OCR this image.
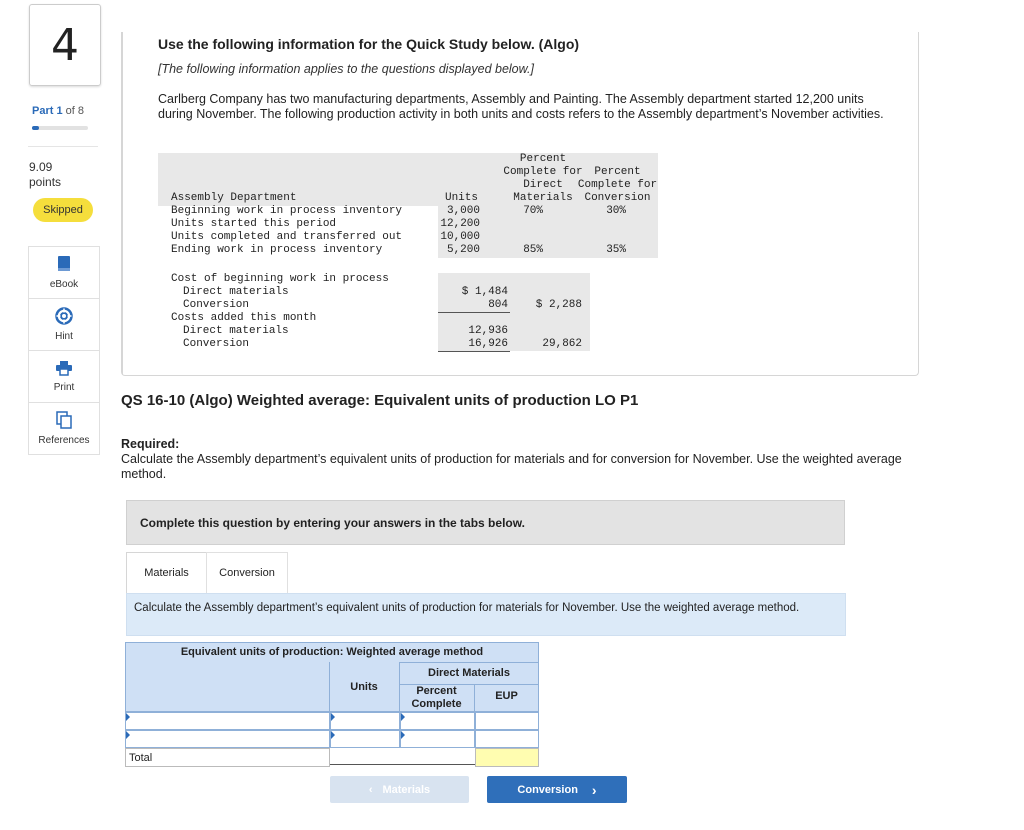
4
Part 1 of 8
9.09
points
Skipped
eBook
Hint
Print
References
Use the following information for the Quick Study below. (Algo)
[The following information applies to the questions displayed below.]
Carlberg Company has two manufacturing departments, Assembly and Painting. The Assembly department started 12,200 units during November. The following production activity in both units and costs refers to the Assembly department’s November activities.
Percent
Complete for
Direct
Materials
Percent
Complete for
Conversion
Units
Assembly Department
Beginning work in process inventory	3,000	70%	30%
Units started this period	12,200
Units completed and transferred out	10,000
Ending work in process inventory	5,200	85%	35%
Cost of beginning work in process
Direct materials	$ 1,484
Conversion	804	$ 2,288
Costs added this month
Direct materials	12,936
Conversion	16,926	29,862
QS 16-10 (Algo) Weighted average: Equivalent units of production LO P1
Required:
Calculate the Assembly department’s equivalent units of production for materials and for conversion for November. Use the weighted average method.
Complete this question by entering your answers in the tabs below.
Materials	Conversion
Calculate the Assembly department’s equivalent units of production for materials for November. Use the weighted average method.
Equivalent units of production: Weighted average method
Direct Materials
Units	Percent Complete
EUP
Total
‹ Materials	Conversion ›
